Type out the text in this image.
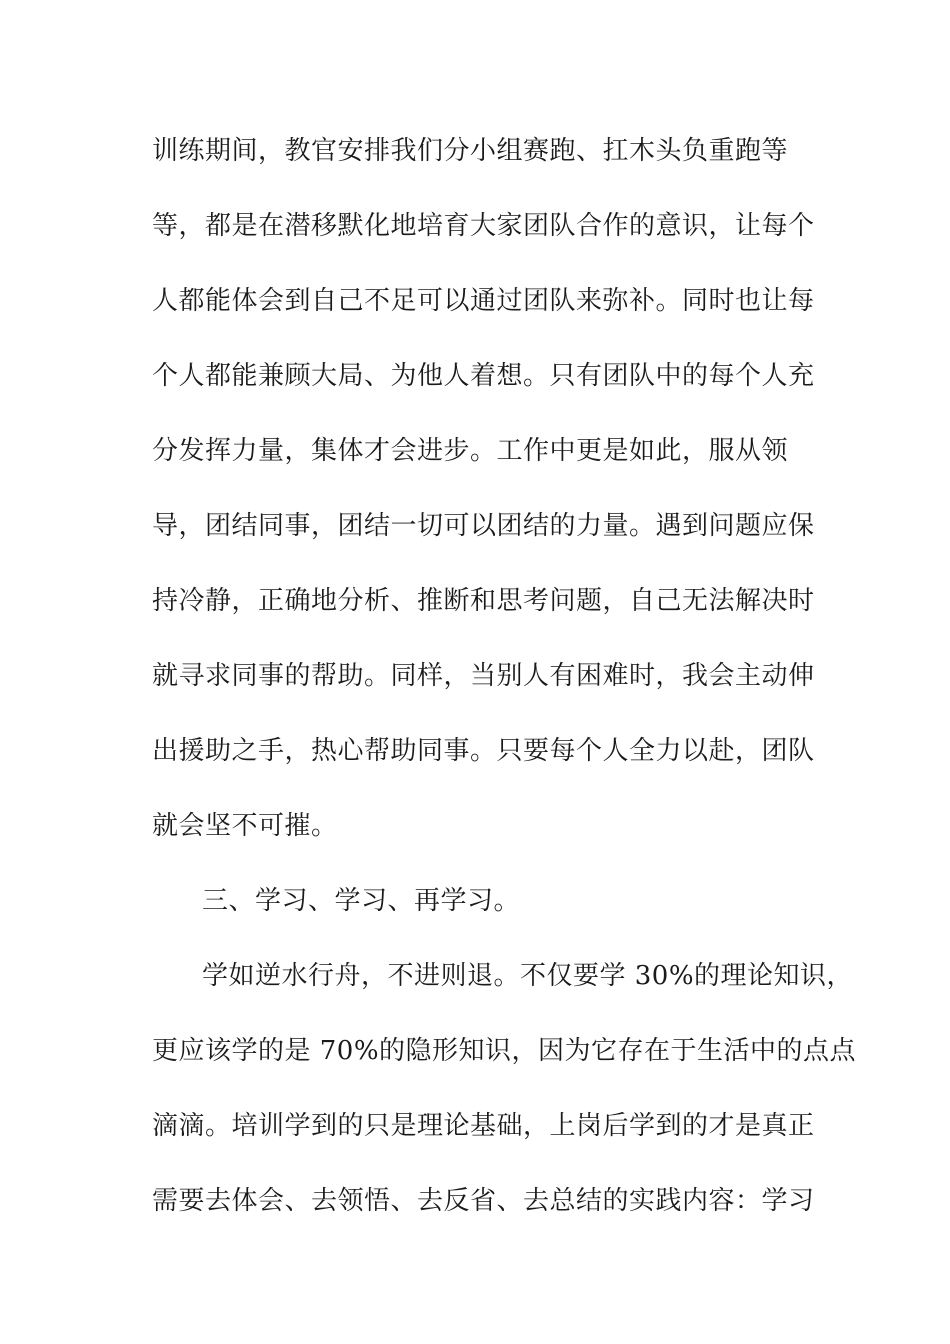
训练期间，教官安排我们分小组赛跑、扛木头负重跑等
等，都是在潜移默化地培育大家团队合作的意识，让每个
人都能体会到自己不足可以通过团队来弥补。同时也让每
个人都能兼顾大局、为他人着想。只有团队中的每个人充
分发挥力量，集体才会进步。工作中更是如此，服从领
导，团结同事，团结一切可以团结的力量。遇到问题应保
持冷静，正确地分析、推断和思考问题，自己无法解决时
就寻求同事的帮助。同样，当别人有困难时，我会主动伸
出援助之手，热心帮助同事。只要每个人全力以赴，团队
就会坚不可摧。
三、学习、学习、再学习。
学如逆水行舟，不进则退。不仅要学 30%的理论知识，
更应该学的是 70%的隐形知识，因为它存在于生活中的点点
滴滴。培训学到的只是理论基础，上岗后学到的才是真正
需要去体会、去领悟、去反省、去总结的实践内容：学习
